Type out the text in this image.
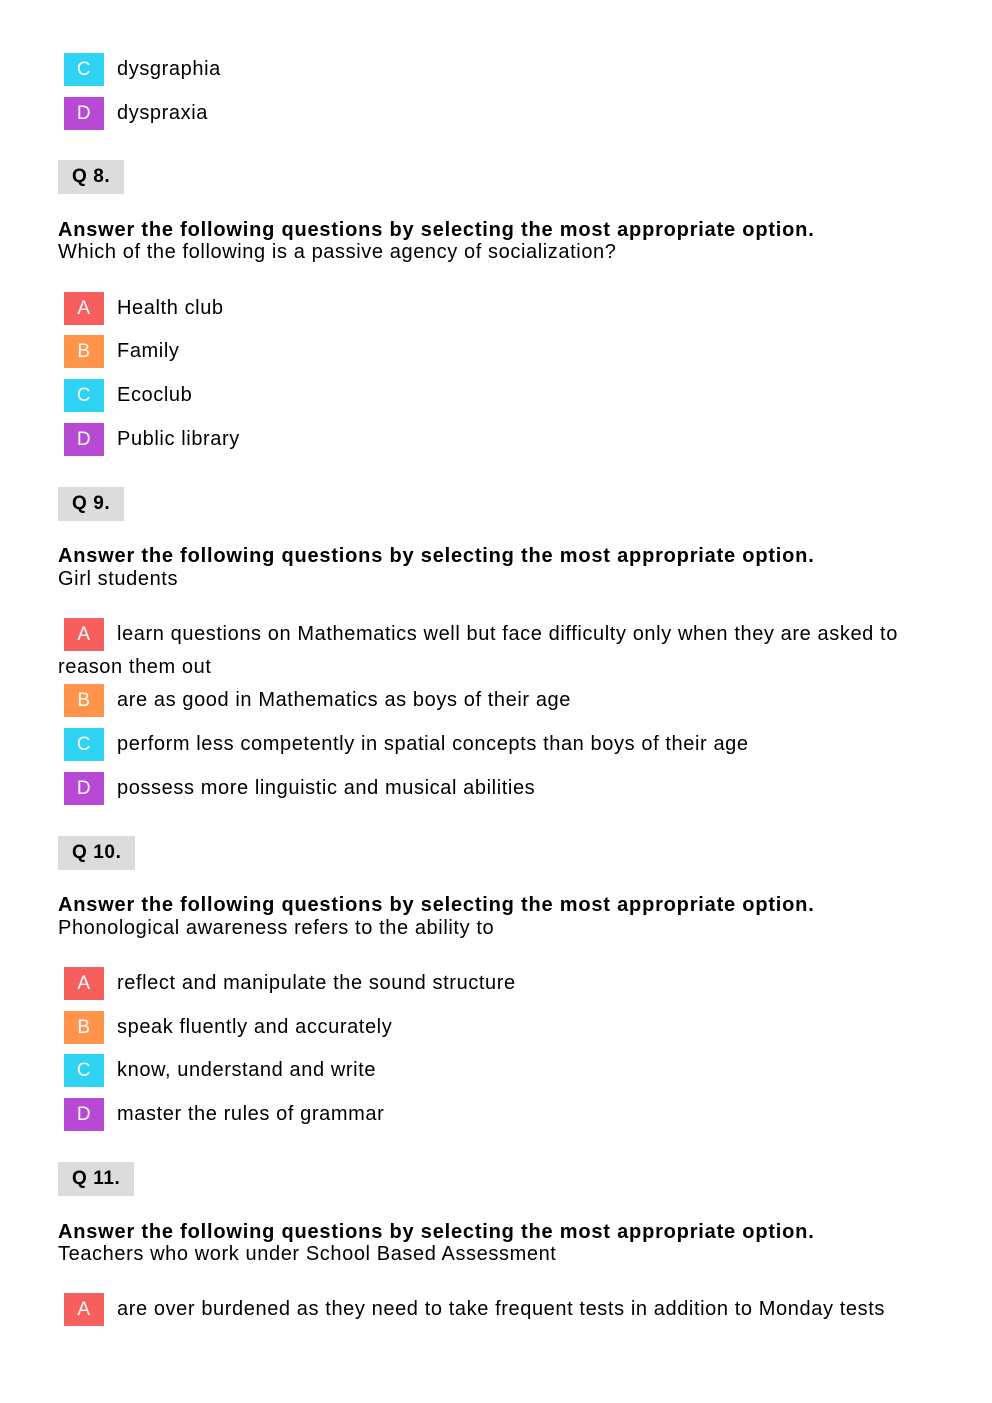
C dysgraphia
D dyspraxia
Q 8.
Answer the following questions by selecting the most appropriate option.
Which of the following is a passive agency of socialization?
A Health club
B Family
C Ecoclub
D Public library
Q 9.
Answer the following questions by selecting the most appropriate option.
Girl students
A learn questions on Mathematics well but face difficulty only when they are asked to reason them out
B are as good in Mathematics as boys of their age
C perform less competently in spatial concepts than boys of their age
D possess more linguistic and musical abilities
Q 10.
Answer the following questions by selecting the most appropriate option.
Phonological awareness refers to the ability to
A reflect and manipulate the sound structure
B speak fluently and accurately
C know, understand and write
D master the rules of grammar
Q 11.
Answer the following questions by selecting the most appropriate option.
Teachers who work under School Based Assessment
A are over burdened as they need to take frequent tests in addition to Monday tests
